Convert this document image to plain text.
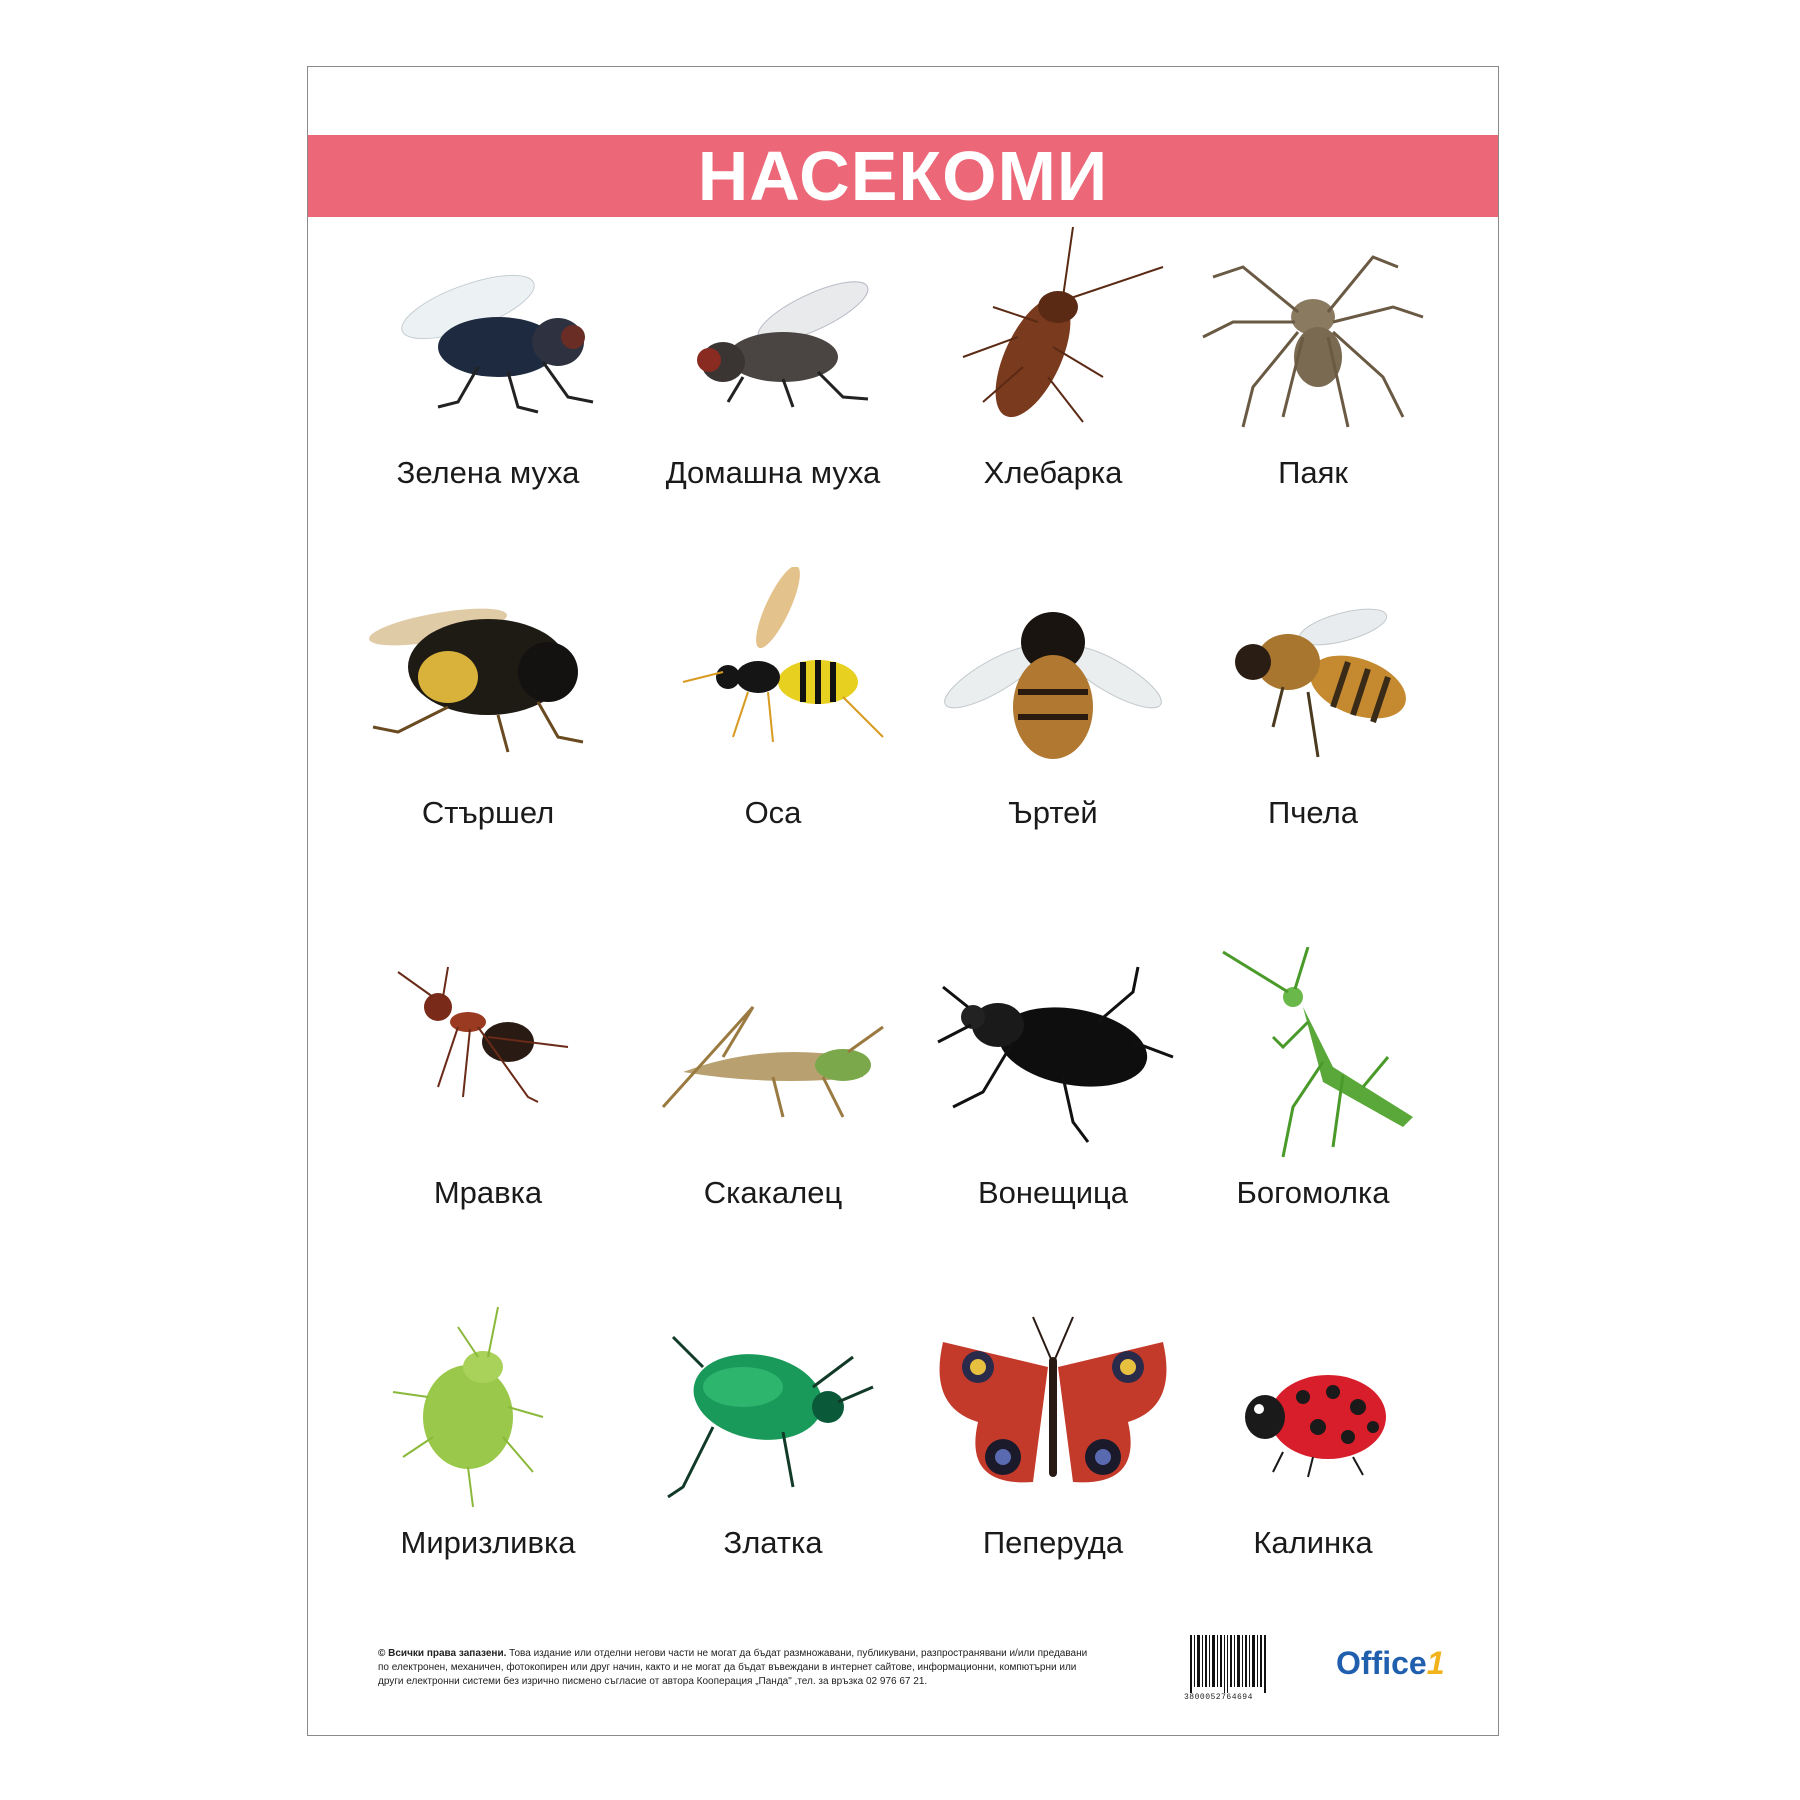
НАСЕКОМИ
Зелена муха	Домашна муха	Хлебарка	Паяк
Стършел	Оса	Ъртей	Пчела
Мравка	Скакалец	Вонещица	Богомолка
Миризливка	Златка	Пеперуда	Калинка
© Всички права запазени. Това издание или отделни негови части не могат да бъдат размножавани, публикувани, разпространявани и/или предавани по електронен, механичен, фотокопирен или друг начин, както и не могат да бъдат въвеждани в интернет сайтове, информационни, компютърни или други електронни системи без изрично писмено съгласие от автора Кооперация „Панда" ,тел. за връзка 02 976 67 21.
3800052764694
Office1
